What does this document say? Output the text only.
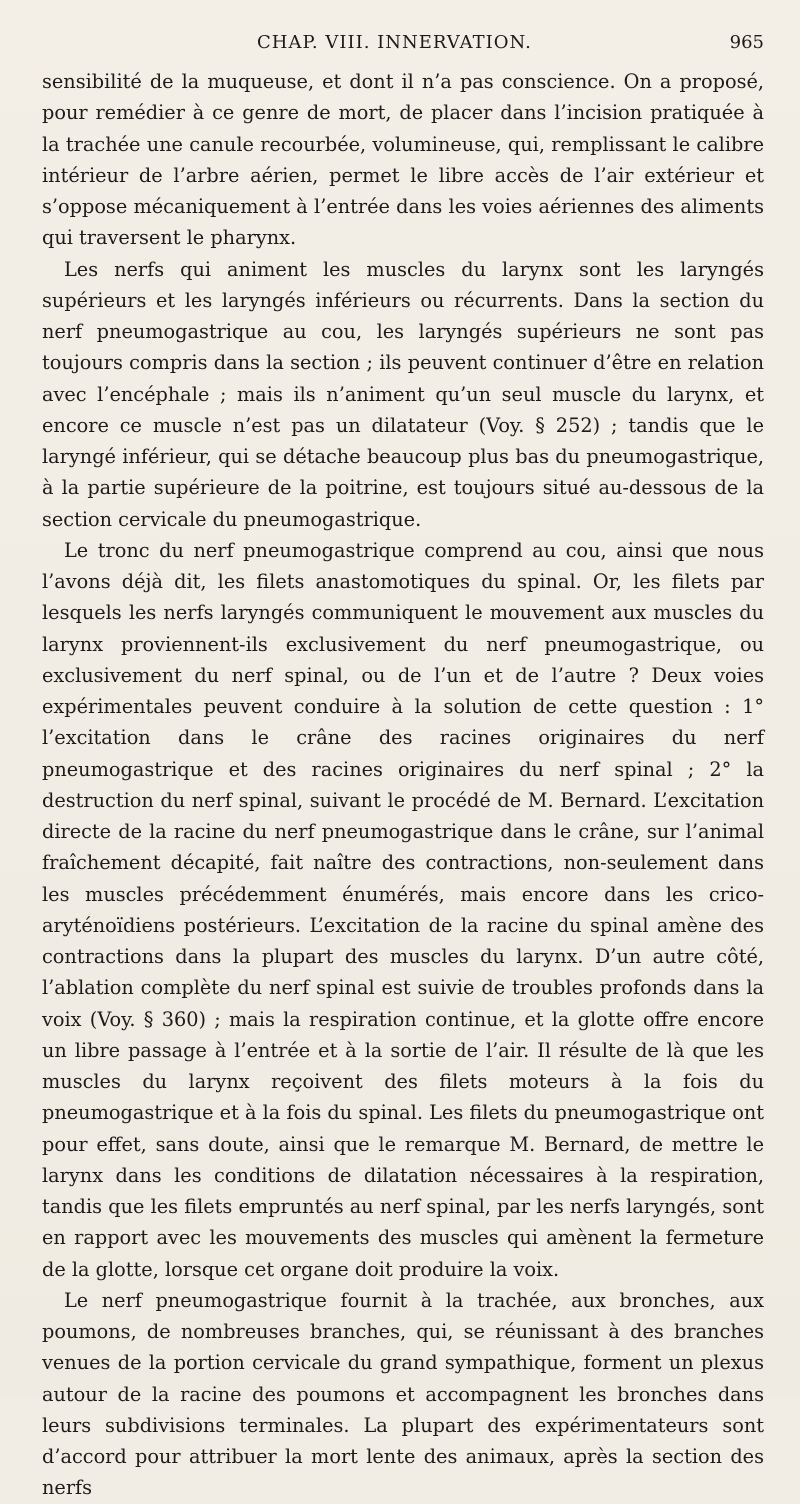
CHAP. VIII. INNERVATION.	965

sensibilité de la muqueuse, et dont il n’a pas conscience. On a proposé, pour remédier à ce genre de mort, de placer dans l’incision pratiquée à la trachée une canule recourbée, volumineuse, qui, remplissant le calibre intérieur de l’arbre aérien, permet le libre accès de l’air extérieur et s’oppose mécaniquement à l’entrée dans les voies aériennes des aliments qui traversent le pharynx.

Les nerfs qui animent les muscles du larynx sont les laryngés supérieurs et les laryngés inférieurs ou récurrents. Dans la section du nerf pneumogastrique au cou, les laryngés supérieurs ne sont pas toujours compris dans la section ; ils peuvent continuer d’être en relation avec l’encéphale ; mais ils n’animent qu’un seul muscle du larynx, et encore ce muscle n’est pas un dilatateur (Voy. § 252) ; tandis que le laryngé inférieur, qui se détache beaucoup plus bas du pneumogastrique, à la partie supérieure de la poitrine, est toujours situé au-dessous de la section cervicale du pneumogastrique.

Le tronc du nerf pneumogastrique comprend au cou, ainsi que nous l’avons déjà dit, les filets anastomotiques du spinal. Or, les filets par lesquels les nerfs laryngés communiquent le mouvement aux muscles du larynx proviennent-ils exclusivement du nerf pneumogastrique, ou exclusivement du nerf spinal, ou de l’un et de l’autre ? Deux voies expérimentales peuvent conduire à la solution de cette question : 1° l’excitation dans le crâne des racines originaires du nerf pneumogastrique et des racines originaires du nerf spinal ; 2° la destruction du nerf spinal, suivant le procédé de M. Bernard. L’excitation directe de la racine du nerf pneumogastrique dans le crâne, sur l’animal fraîchement décapité, fait naître des contractions, non-seulement dans les muscles précédemment énumérés, mais encore dans les crico-aryténoïdiens postérieurs. L’excitation de la racine du spinal amène des contractions dans la plupart des muscles du larynx. D’un autre côté, l’ablation complète du nerf spinal est suivie de troubles profonds dans la voix (Voy. § 360) ; mais la respiration continue, et la glotte offre encore un libre passage à l’entrée et à la sortie de l’air. Il résulte de là que les muscles du larynx reçoivent des filets moteurs à la fois du pneumogastrique et à la fois du spinal. Les filets du pneumogastrique ont pour effet, sans doute, ainsi que le remarque M. Bernard, de mettre le larynx dans les conditions de dilatation nécessaires à la respiration, tandis que les filets empruntés au nerf spinal, par les nerfs laryngés, sont en rapport avec les mouvements des muscles qui amènent la fermeture de la glotte, lorsque cet organe doit produire la voix.

Le nerf pneumogastrique fournit à la trachée, aux bronches, aux poumons, de nombreuses branches, qui, se réunissant à des branches venues de la portion cervicale du grand sympathique, forment un plexus autour de la racine des poumons et accompagnent les bronches dans leurs subdivisions terminales. La plupart des expérimentateurs sont d’accord pour attribuer la mort lente des animaux, après la section des nerfs
